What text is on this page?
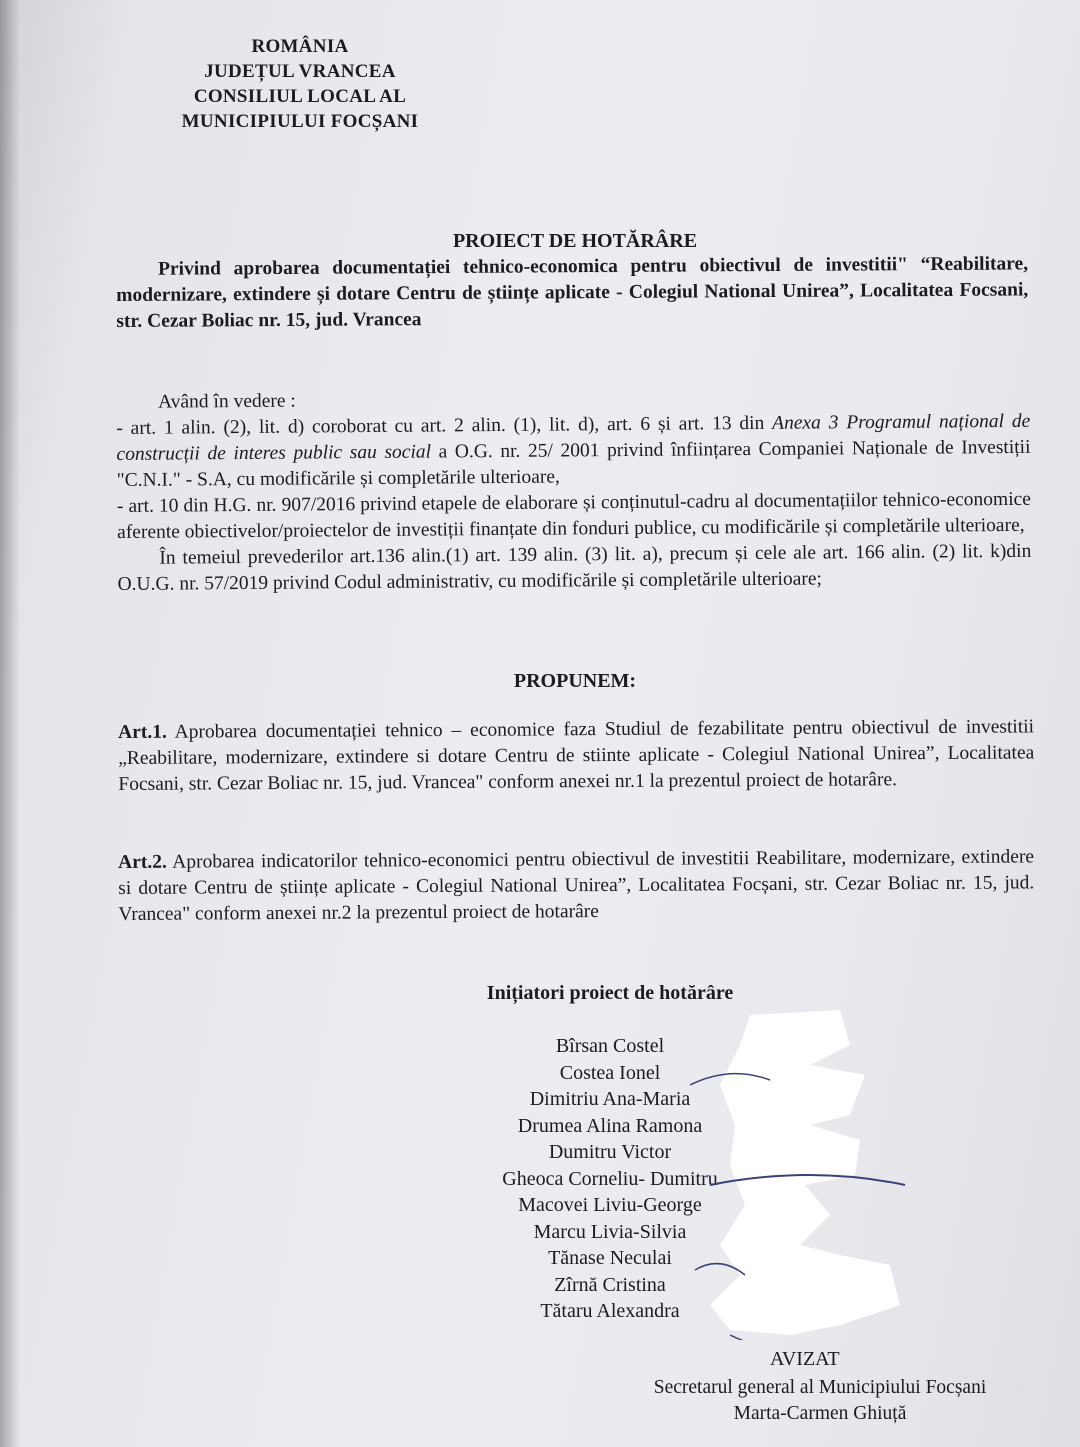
ROMÂNIA
JUDEȚUL VRANCEA
CONSILIUL LOCAL AL
MUNICIPIULUI FOCȘANI
PROIECT DE HOTĂRÂRE
Privind aprobarea documentației tehnico-economica pentru obiectivul de investitii" “Reabilitare, modernizare, extindere și dotare Centru de științe aplicate - Colegiul National Unirea”, Localitatea Focsani, str. Cezar Boliac nr. 15, jud. Vrancea

Având în vedere :

- art. 1 alin. (2), lit. d) coroborat cu art. 2 alin. (1), lit. d), art. 6 și art. 13 din Anexa 3 Programul național de construcții de interes public sau social a O.G. nr. 25/ 2001 privind înființarea Companiei Naționale de Investiții "C.N.I." - S.A, cu modificările și completările ulterioare,

- art. 10 din H.G. nr. 907/2016 privind etapele de elaborare și conținutul-cadru al documentațiilor tehnico-economice aferente obiectivelor/proiectelor de investiții finanțate din fonduri publice, cu modificările și completările ulterioare,

În temeiul prevederilor art.136 alin.(1) art. 139 alin. (3) lit. a), precum și cele ale art. 166 alin. (2) lit. k)din O.U.G. nr. 57/2019 privind Codul administrativ, cu modificările și completările ulterioare;

PROPUNEM:
Art.1. Aprobarea documentației tehnico – economice faza Studiul de fezabilitate pentru obiectivul de investitii „Reabilitare, modernizare, extindere si dotare Centru de stiinte aplicate - Colegiul National Unirea”, Localitatea Focsani, str. Cezar Boliac nr. 15, jud. Vrancea" conform anexei nr.1 la prezentul proiect de hotarâre.
Art.2. Aprobarea indicatorilor tehnico-economici pentru obiectivul de investitii Reabilitare, modernizare, extindere si dotare Centru de științe aplicate - Colegiul National Unirea”, Localitatea Focșani, str. Cezar Boliac nr. 15, jud. Vrancea" conform anexei nr.2 la prezentul proiect de hotarâre
Inițiatori proiect de hotărâre
Bîrsan Costel
Costea Ionel
Dimitriu Ana-Maria
Drumea Alina Ramona
Dumitru Victor
Gheoca Corneliu- Dumitru
Macovei Liviu-George
Marcu Livia-Silvia
Tănase Neculai
Zîrnă Cristina
Tătaru Alexandra
AVIZAT
Secretarul general al Municipiului Focșani
Marta-Carmen Ghiuță
